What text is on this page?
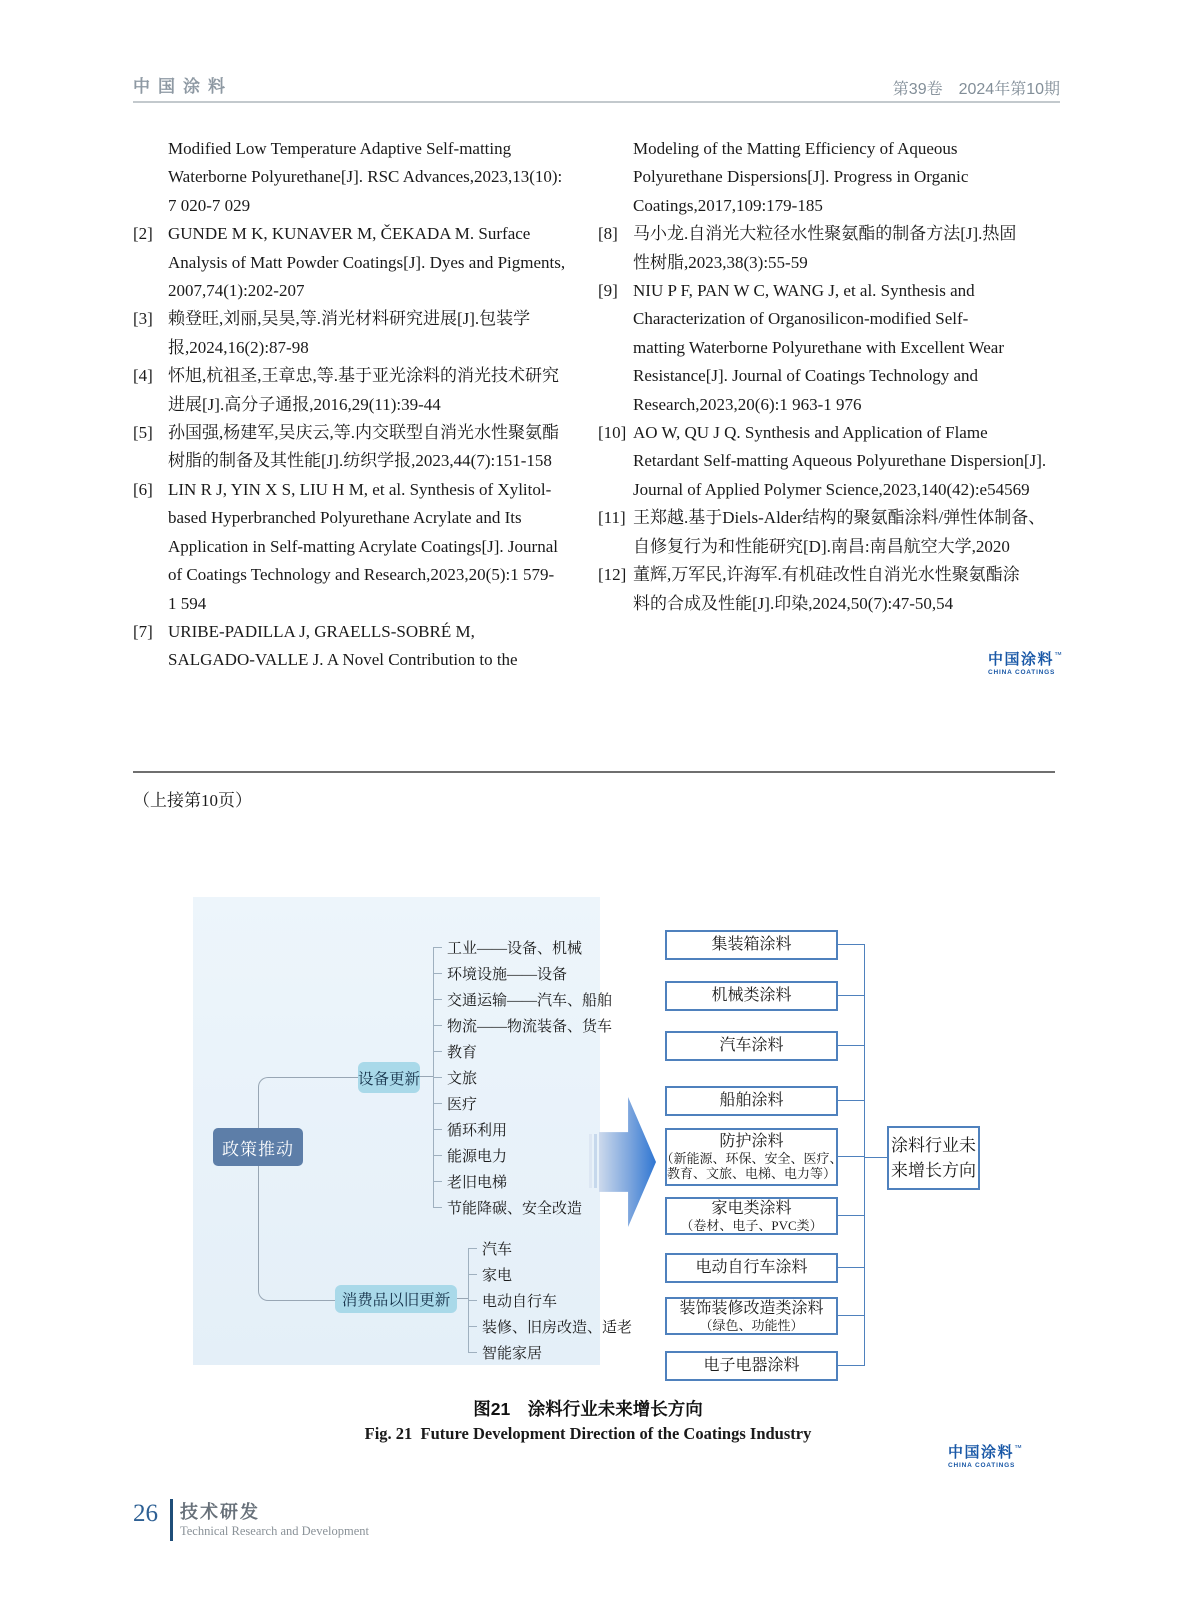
中国涂料	第39卷　2024年第10期
Modified Low Temperature Adaptive Self-matting
Waterborne Polyurethane[J]. RSC Advances,2023,13(10):
7 020-7 029
[2] GUNDE M K, KUNAVER M, ČEKADA M. Surface
Analysis of Matt Powder Coatings[J]. Dyes and Pigments,
2007,74(1):202-207
[3] 赖登旺,刘丽,吴昊,等.消光材料研究进展[J].包装学
报,2024,16(2):87-98
[4] 怀旭,杭祖圣,王章忠,等.基于亚光涂料的消光技术研究
进展[J].高分子通报,2016,29(11):39-44
[5] 孙国强,杨建军,吴庆云,等.内交联型自消光水性聚氨酯
树脂的制备及其性能[J].纺织学报,2023,44(7):151-158
[6] LIN R J, YIN X S, LIU H M, et al. Synthesis of Xylitol-
based Hyperbranched Polyurethane Acrylate and Its
Application in Self-matting Acrylate Coatings[J]. Journal
of Coatings Technology and Research,2023,20(5):1 579-
1 594
[7] URIBE-PADILLA J, GRAELLS-SOBRÉ M,
SALGADO-VALLE J. A Novel Contribution to the
Modeling of the Matting Efficiency of Aqueous
Polyurethane Dispersions[J]. Progress in Organic
Coatings,2017,109:179-185
[8] 马小龙.自消光大粒径水性聚氨酯的制备方法[J].热固
性树脂,2023,38(3):55-59
[9] NIU P F, PAN W C, WANG J, et al. Synthesis and
Characterization of Organosilicon-modified Self-
matting Waterborne Polyurethane with Excellent Wear
Resistance[J]. Journal of Coatings Technology and
Research,2023,20(6):1 963-1 976
[10] AO W, QU J Q. Synthesis and Application of Flame
Retardant Self-matting Aqueous Polyurethane Dispersion[J].
Journal of Applied Polymer Science,2023,140(42):e54569
[11] 王郑越.基于Diels-Alder结构的聚氨酯涂料/弹性体制备、
自修复行为和性能研究[D].南昌:南昌航空大学,2020
[12] 董辉,万军民,许海军.有机硅改性自消光水性聚氨酯涂
料的合成及性能[J].印染,2024,50(7):47-50,54
中国涂料™
CHINA COATINGS
（上接第10页）
政策推动
设备更新
消费品以旧更新
工业——设备、机械
环境设施——设备
交通运输——汽车、船舶
物流——物流装备、货车
教育
文旅
医疗
循环利用
能源电力
老旧电梯
节能降碳、安全改造
汽车
家电
电动自行车
装修、旧房改造、适老
智能家居
集装箱涂料
机械类涂料
汽车涂料
船舶涂料
防护涂料
（新能源、环保、安全、医疗、
教育、文旅、电梯、电力等）
家电类涂料
（卷材、电子、PVC类）
电动自行车涂料
装饰装修改造类涂料
（绿色、功能性）
电子电器涂料
涂料行业未
来增长方向
图21　涂料行业未来增长方向
Fig. 21  Future Development Direction of the Coatings Industry
中国涂料™
CHINA COATINGS
26 技术研发
Technical Research and Development
